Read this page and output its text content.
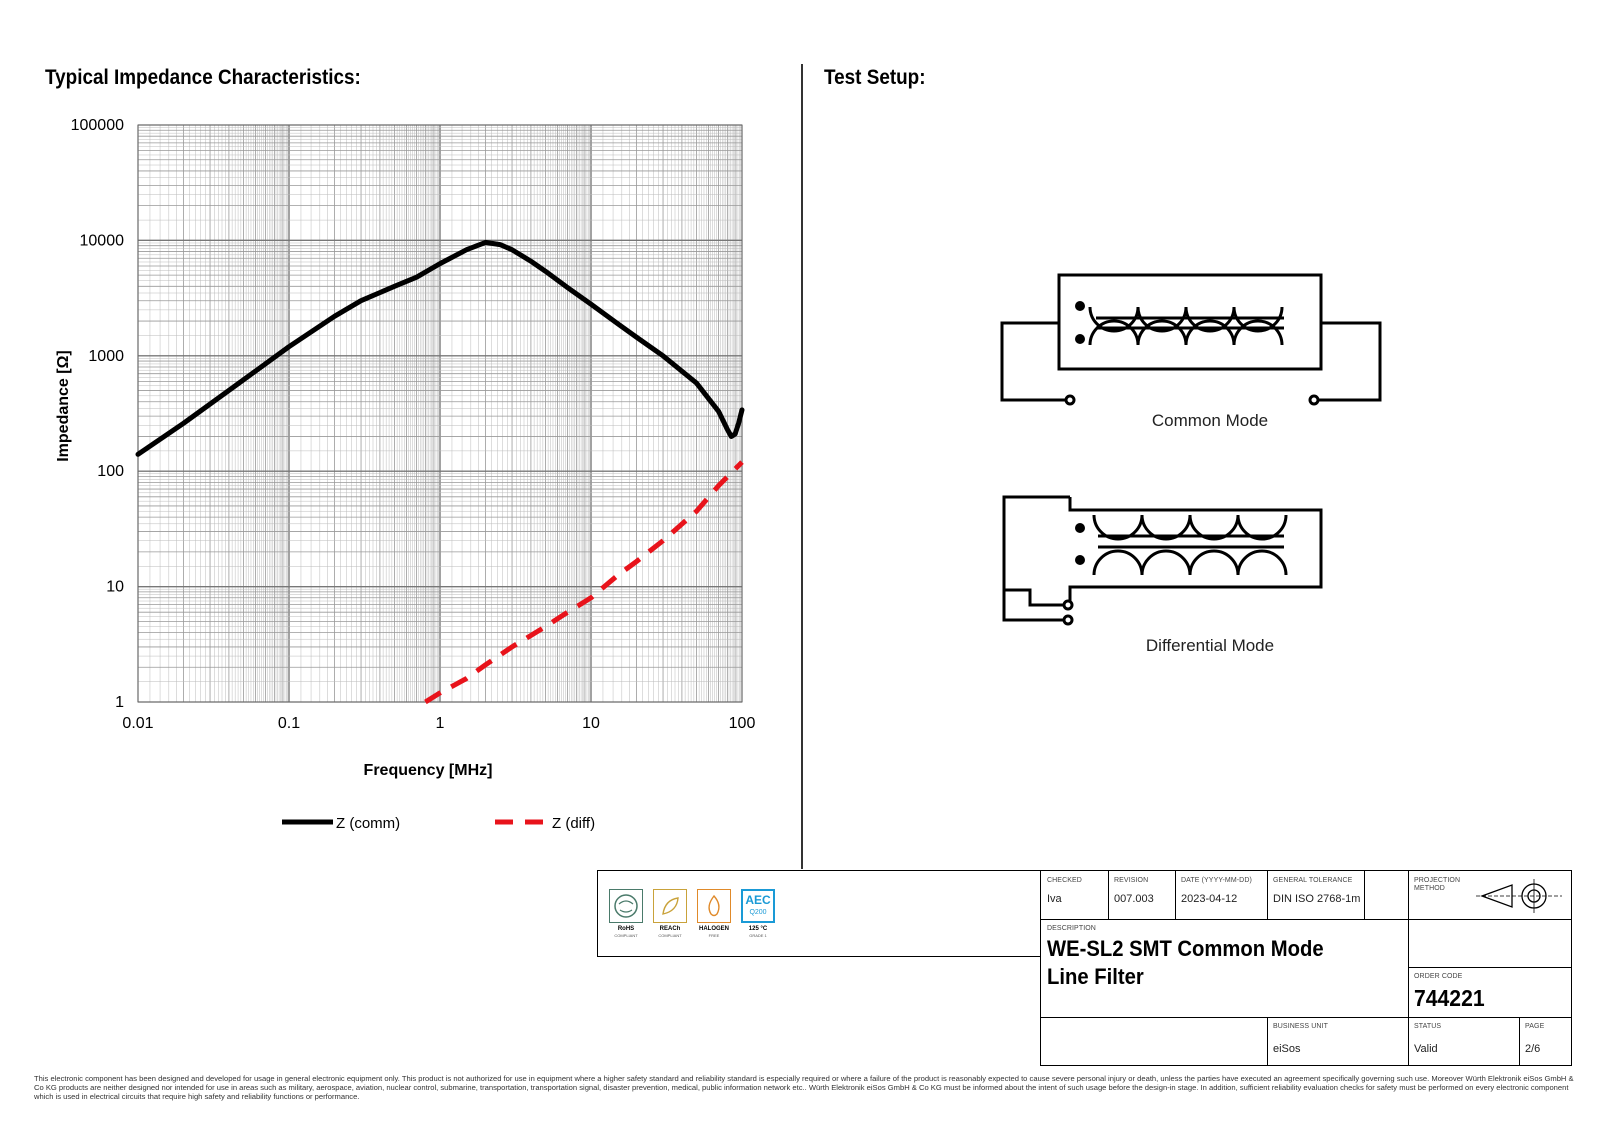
Typical Impedance Characteristics:	Test Setup:
0.01	0.1	1	10	100
1
10
100
1000
10000
100000
Frequency [MHz]
Impedance [Ω]
Z (comm)	Z (diff)
Common Mode
Differential Mode
RoHS
COMPLIANT
REACh
COMPLIANT
HALOGEN
FREE
AEC
Q200
125 °C
GRADE 1
CHECKED
Iva
REVISION
007.003
DATE (YYYY-MM-DD)
2023-04-12
GENERAL TOLERANCE
DIN ISO 2768-1m
PROJECTION METHOD
DESCRIPTION
WE-SL2 SMT Common Mode Line Filter	ORDER CODE
744221
BUSINESS UNIT
eiSos
STATUS
Valid
PAGE
2/6
This electronic component has been designed and developed for usage in general electronic equipment only. This product is not authorized for use in equipment where a higher safety standard and reliability standard is especially required or where a failure of the product is reasonably expected to cause severe personal injury or death, unless the parties have executed an agreement specifically governing such use. Moreover Würth Elektronik eiSos GmbH & Co KG products are neither designed nor intended for use in areas such as military, aerospace, aviation, nuclear control, submarine, transportation, transportation signal, disaster prevention, medical, public information network etc.. Würth Elektronik eiSos GmbH & Co KG must be informed about the intent of such usage before the design-in stage. In addition, sufficient reliability evaluation checks for safety must be performed on every electronic component which is used in electrical circuits that require high safety and reliability functions or performance.
